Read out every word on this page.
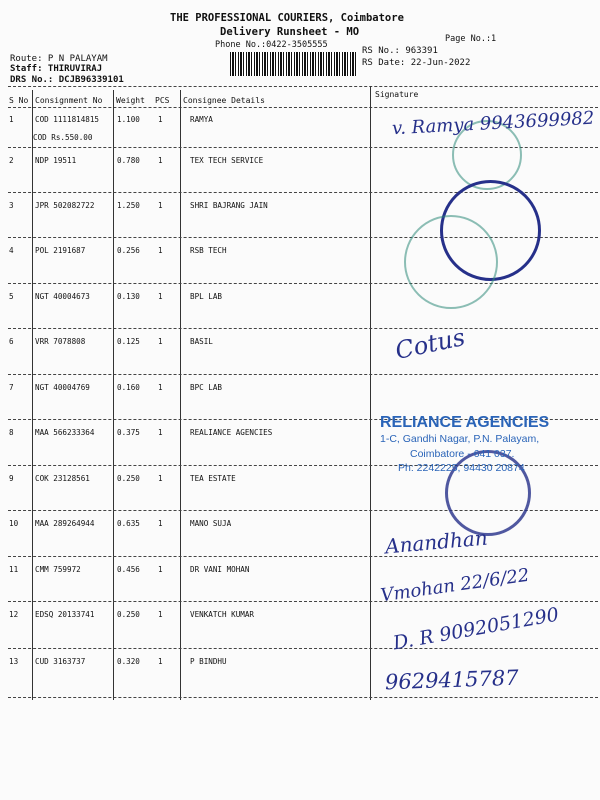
THE PROFESSIONAL COURIERS, Coimbatore
Delivery Runsheet - MO
Phone No.:0422-3505555
Page No.:1
Route: P N PALAYAM
Staff: THIRUVIRAJ
DRS No.: DCJB96339101
RS No.: 963391
RS Date: 22-Jun-2022
S No Consignment No Weight PCS Consignee Details
Signature
1	COD 1111814815 1.100 1	RAMYA
COD Rs.550.00
2	NDP 19511	0.780 1	TEX TECH SERVICE
3	JPR 502082722	1.250 1	SHRI BAJRANG JAIN
4	POL 2191687	0.256 1	RSB TECH
5	NGT 40004673	0.130 1	BPL LAB
6	VRR 7078808	0.125 1	BASIL
7	NGT 40004769	0.160 1	BPC LAB
8	MAA 566233364	0.375 1	REALIANCE AGENCIES
9	COK 23128561	0.250 1	TEA ESTATE
10 MAA 289264944	0.635 1	MANO SUJA
11 CMM 759972	0.456 1	DR VANI MOHAN
12 EDSQ 20133741	0.250 1	VENKATCH KUMAR
13 CUD 3163737	0.320 1	P BINDHU
RELIANCE AGENCIES
1-C, Gandhi Nagar, P.N. Palayam,
Coimbatore - 641 037.
Ph: 2242225, 94430 20874
v. Ramya 9943699982
Cotus
Anandhan
Vmohan 22/6/22
D. R 9092051290
9629415787
